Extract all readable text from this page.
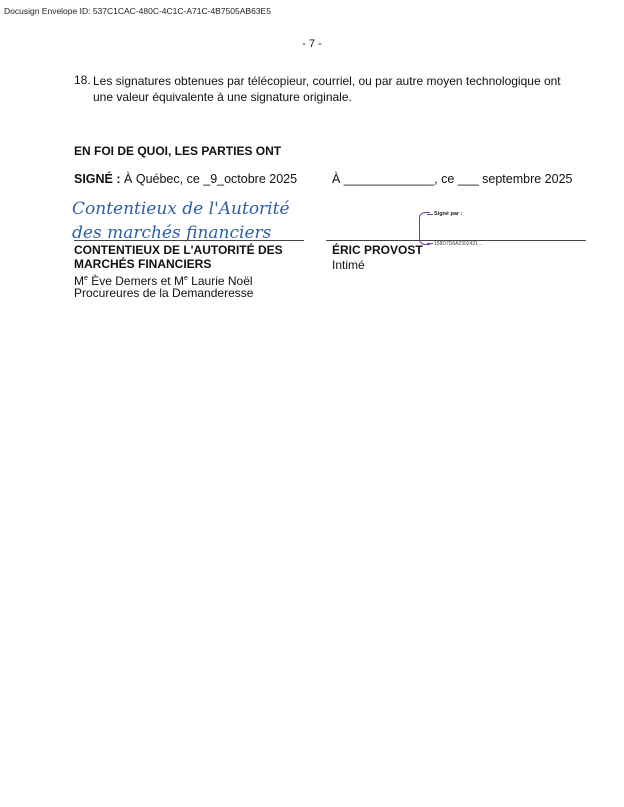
Docusign Envelope ID: 537C1CAC-480C-4C1C-A71C-4B7505AB63E5
- 7 -
18. Les signatures obtenues par télécopieur, courriel, ou par autre moyen technologique ont une valeur équivalente à une signature originale.
EN FOI DE QUOI, LES PARTIES ONT
SIGNÉ : À Québec, ce _9_octobre 2025	À _____________, ce ___ septembre 2025
Contentieux de l'Autorité
des marchés financiers
CONTENTIEUX DE L'AUTORITÉ DES
MARCHÉS FINANCIERS
Me Ève Demers et Me Laurie Noël
Procureures de la Demanderesse
Signé par :
158D7D6A2302421...
ÉRIC PROVOST
Intimé
